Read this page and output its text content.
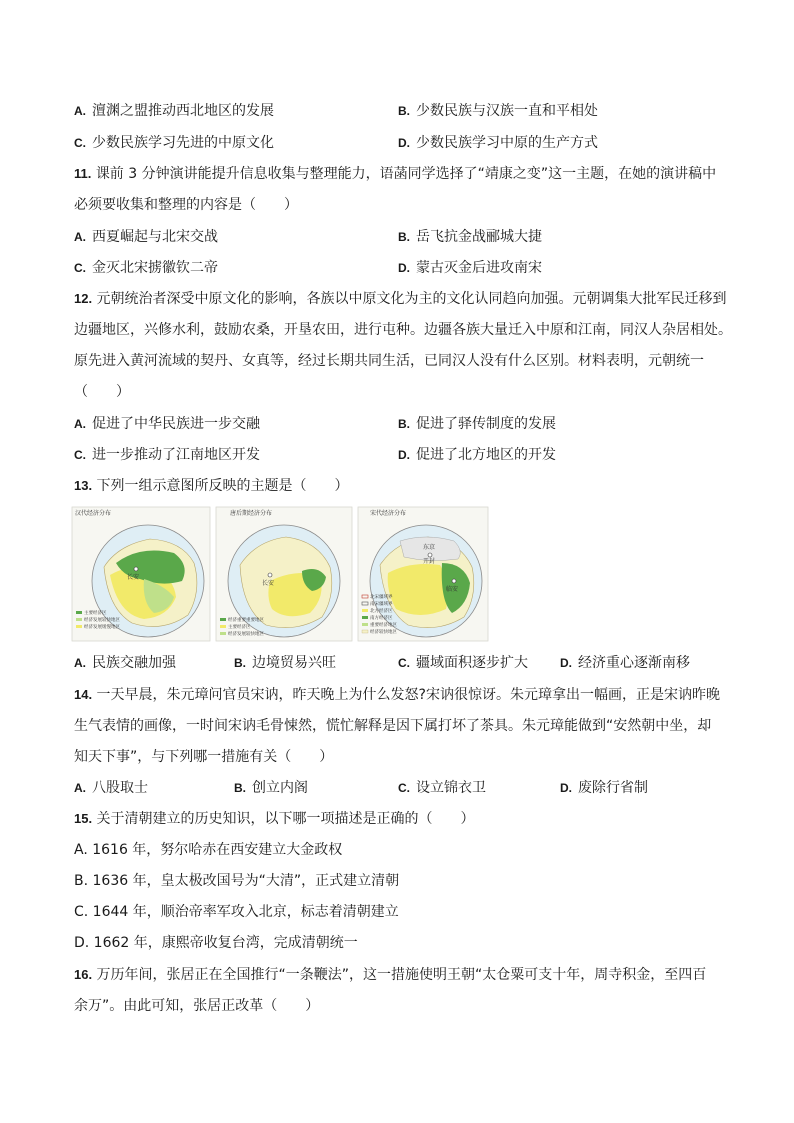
A. 澶渊之盟推动西北地区的发展	B. 少数民族与汉族一直和平相处
C. 少数民族学习先进的中原文化	D. 少数民族学习中原的生产方式
11. 课前 3 分钟演讲能提升信息收集与整理能力，语菡同学选择了“靖康之变”这一主题，在她的演讲稿中
必须要收集和整理的内容是（　　）
A. 西夏崛起与北宋交战	B. 岳飞抗金战郦城大捷
C. 金灭北宋掳徽钦二帝	D. 蒙古灭金后进攻南宋
12. 元朝统治者深受中原文化的影响，各族以中原文化为主的文化认同趋向加强。元朝调集大批军民迁移到
边疆地区，兴修水利，鼓励农桑，开垦农田，进行屯种。边疆各族大量迁入中原和江南，同汉人杂居相处。
原先进入黄河流域的契丹、女真等，经过长期共同生活，已同汉人没有什么区别。材料表明，元朝统一
（　　）
A. 促进了中华民族进一步交融	B. 促进了驿传制度的发展
C. 进一步推动了江南地区开发	D. 促进了北方地区的开发
13. 下列一组示意图所反映的主题是（　　）
汉代经济分布
长安
主要经济区
经济发展较快地区
经济发展缓慢地区
唐后期经济分布
长安
经济重要重要地区
主要经济区
经济发展较快地区
宋代经济分布
东京
开封
临安
北宋疆域界
南宋疆域界
北方经济区
南方经济区
重要经济地区
经济较快地区
A. 民族交融加强	B. 边境贸易兴旺	C. 疆域面积逐步扩大	D. 经济重心逐渐南移
14. 一天早晨，朱元璋问官员宋讷，昨天晚上为什么发怒?宋讷很惊讶。朱元璋拿出一幅画，正是宋讷昨晚
生气表情的画像，一时间宋讷毛骨悚然，慌忙解释是因下属打坏了茶具。朱元璋能做到“安然朝中坐，却
知天下事”，与下列哪一措施有关（　　）
A. 八股取士	B. 创立内阁	C. 设立锦衣卫	D. 废除行省制
15. 关于清朝建立的历史知识，以下哪一项描述是正确的（　　）
A. 1616 年，努尔哈赤在西安建立大金政权
B. 1636 年，皇太极改国号为“大清”，正式建立清朝
C. 1644 年，顺治帝率军攻入北京，标志着清朝建立
D. 1662 年，康熙帝收复台湾，完成清朝统一
16. 万历年间，张居正在全国推行“一条鞭法”，这一措施使明王朝“太仓粟可支十年，周寺积金，至四百
余万”。由此可知，张居正改革（　　）
